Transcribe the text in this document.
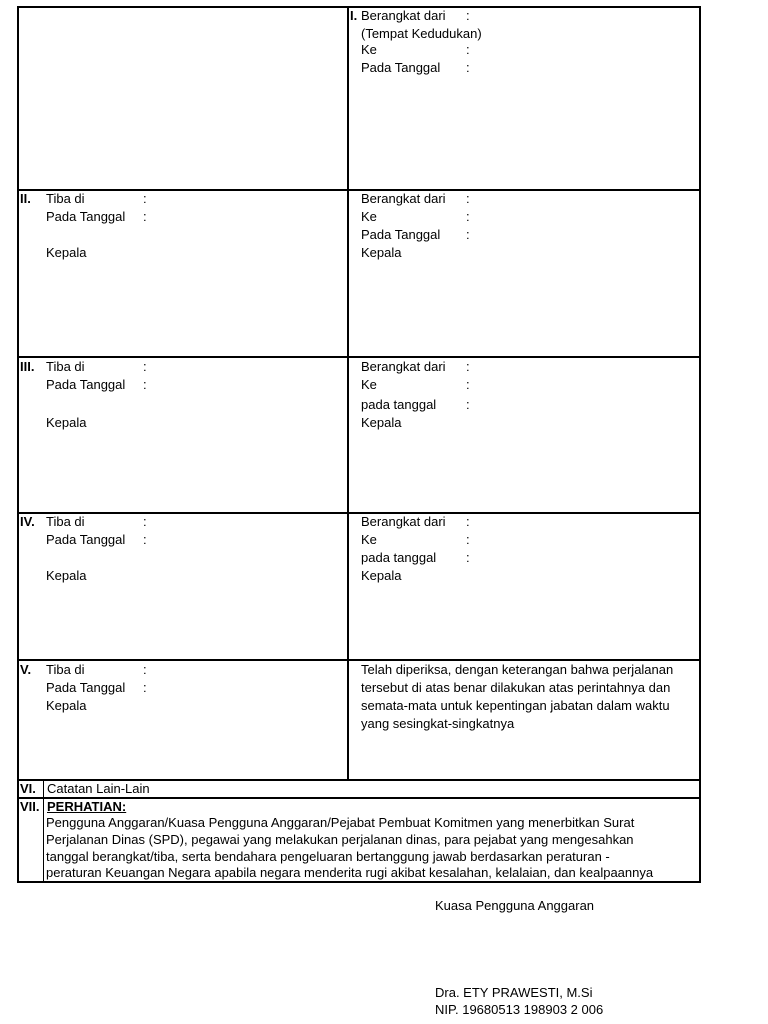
I. Berangkat dari :
(Tempat Kedudukan)
Ke	:
Pada Tanggal :
II. Tiba di	:
Pada Tanggal :
Kepala
Berangkat dari :
Ke	:
Pada Tanggal :
Kepala
III. Tiba di	:
Pada Tanggal :
Kepala
Berangkat dari :
Ke	:
pada tanggal :
Kepala
IV. Tiba di	:
Pada Tanggal :
Kepala
Berangkat dari :
Ke	:
pada tanggal :
Kepala
V. Tiba di	:
Pada Tanggal :
Kepala
Telah diperiksa, dengan keterangan bahwa perjalanan
tersebut di atas benar dilakukan atas perintahnya dan
semata-mata untuk kepentingan jabatan dalam waktu
yang sesingkat-singkatnya
VI. Catatan Lain-Lain
VII. PERHATIAN:
Pengguna Anggaran/Kuasa Pengguna Anggaran/Pejabat Pembuat Komitmen yang menerbitkan Surat
Perjalanan Dinas (SPD), pegawai yang melakukan perjalanan dinas, para pejabat yang mengesahkan
tanggal berangkat/tiba, serta bendahara pengeluaran bertanggung jawab berdasarkan peraturan -
peraturan Keuangan Negara apabila negara menderita rugi akibat kesalahan, kelalaian, dan kealpaannya
Kuasa Pengguna Anggaran
Dra. ETY PRAWESTI, M.Si
NIP. 19680513 198903 2 006
